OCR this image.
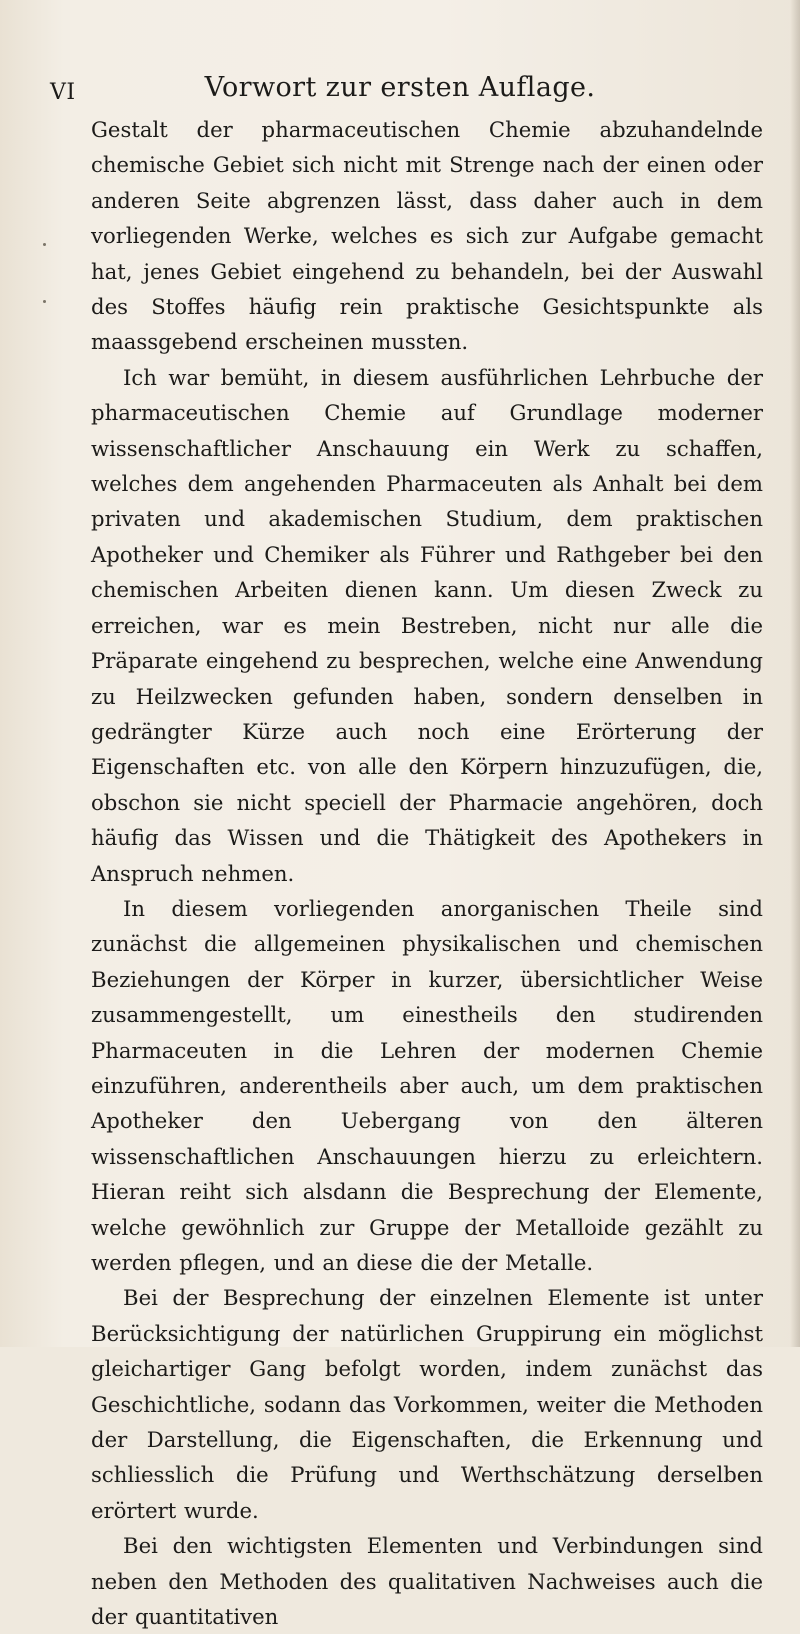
VI	Vorwort zur ersten Auflage.

Gestalt der pharmaceutischen Chemie abzuhandelnde chemische Gebiet sich nicht mit Strenge nach der einen oder anderen Seite abgrenzen lässt, dass daher auch in dem vorliegenden Werke, welches es sich zur Aufgabe gemacht hat, jenes Gebiet eingehend zu behandeln, bei der Auswahl des Stoffes häufig rein praktische Gesichtspunkte als maassgebend erscheinen mussten.

Ich war bemüht, in diesem ausführlichen Lehrbuche der pharmaceutischen Chemie auf Grundlage moderner wissenschaftlicher Anschauung ein Werk zu schaffen, welches dem angehenden Pharmaceuten als Anhalt bei dem privaten und akademischen Studium, dem praktischen Apotheker und Chemiker als Führer und Rathgeber bei den chemischen Arbeiten dienen kann. Um diesen Zweck zu erreichen, war es mein Bestreben, nicht nur alle die Präparate eingehend zu besprechen, welche eine Anwendung zu Heilzwecken gefunden haben, sondern denselben in gedrängter Kürze auch noch eine Erörterung der Eigenschaften etc. von alle den Körpern hinzuzufügen, die, obschon sie nicht speciell der Pharmacie angehören, doch häufig das Wissen und die Thätigkeit des Apothekers in Anspruch nehmen.

In diesem vorliegenden anorganischen Theile sind zunächst die allgemeinen physikalischen und chemischen Beziehungen der Körper in kurzer, übersichtlicher Weise zusammengestellt, um einestheils den studirenden Pharmaceuten in die Lehren der modernen Chemie einzuführen, anderentheils aber auch, um dem praktischen Apotheker den Uebergang von den älteren wissenschaftlichen Anschauungen hierzu zu erleichtern. Hieran reiht sich alsdann die Besprechung der Elemente, welche gewöhnlich zur Gruppe der Metalloide gezählt zu werden pflegen, und an diese die der Metalle.

Bei der Besprechung der einzelnen Elemente ist unter Berücksichtigung der natürlichen Gruppirung ein möglichst gleichartiger Gang befolgt worden, indem zunächst das Geschichtliche, sodann das Vorkommen, weiter die Methoden der Darstellung, die Eigenschaften, die Erkennung und schliesslich die Prüfung und Werthschätzung derselben erörtert wurde.

Bei den wichtigsten Elementen und Verbindungen sind neben den Methoden des qualitativen Nachweises auch die der quantitativen
